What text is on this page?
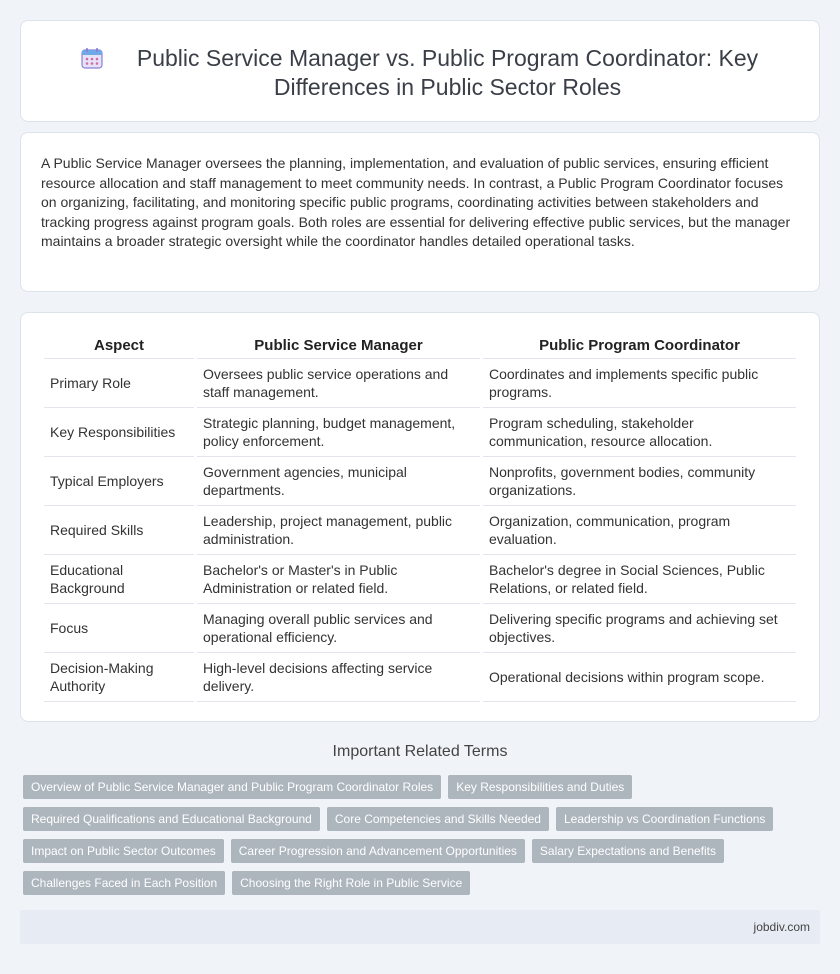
Public Service Manager vs. Public Program Coordinator: Key Differences in Public Sector Roles

A Public Service Manager oversees the planning, implementation, and evaluation of public services, ensuring efficient resource allocation and staff management to meet community needs. In contrast, a Public Program Coordinator focuses on organizing, facilitating, and monitoring specific public programs, coordinating activities between stakeholders and tracking progress against program goals. Both roles are essential for delivering effective public services, but the manager maintains a broader strategic oversight while the coordinator handles detailed operational tasks.

Aspect	Public Service Manager	Public Program Coordinator
Primary Role	Oversees public service operations and staff management.	Coordinates and implements specific public programs.
Key Responsibilities	Strategic planning, budget management, policy enforcement.	Program scheduling, stakeholder communication, resource allocation.
Typical Employers	Government agencies, municipal departments.	Nonprofits, government bodies, community organizations.
Required Skills	Leadership, project management, public administration.	Organization, communication, program evaluation.
Educational Background	Bachelor's or Master's in Public Administration or related field.	Bachelor's degree in Social Sciences, Public Relations, or related field.
Focus	Managing overall public services and operational efficiency.	Delivering specific programs and achieving set objectives.
Decision-Making Authority	High-level decisions affecting service delivery.	Operational decisions within program scope.
Important Related Terms
Overview of Public Service Manager and Public Program Coordinator Roles	Key Responsibilities and Duties
Required Qualifications and Educational Background	Core Competencies and Skills Needed	Leadership vs Coordination Functions
Impact on Public Sector Outcomes	Career Progression and Advancement Opportunities	Salary Expectations and Benefits
Challenges Faced in Each Position	Choosing the Right Role in Public Service
jobdiv.com
